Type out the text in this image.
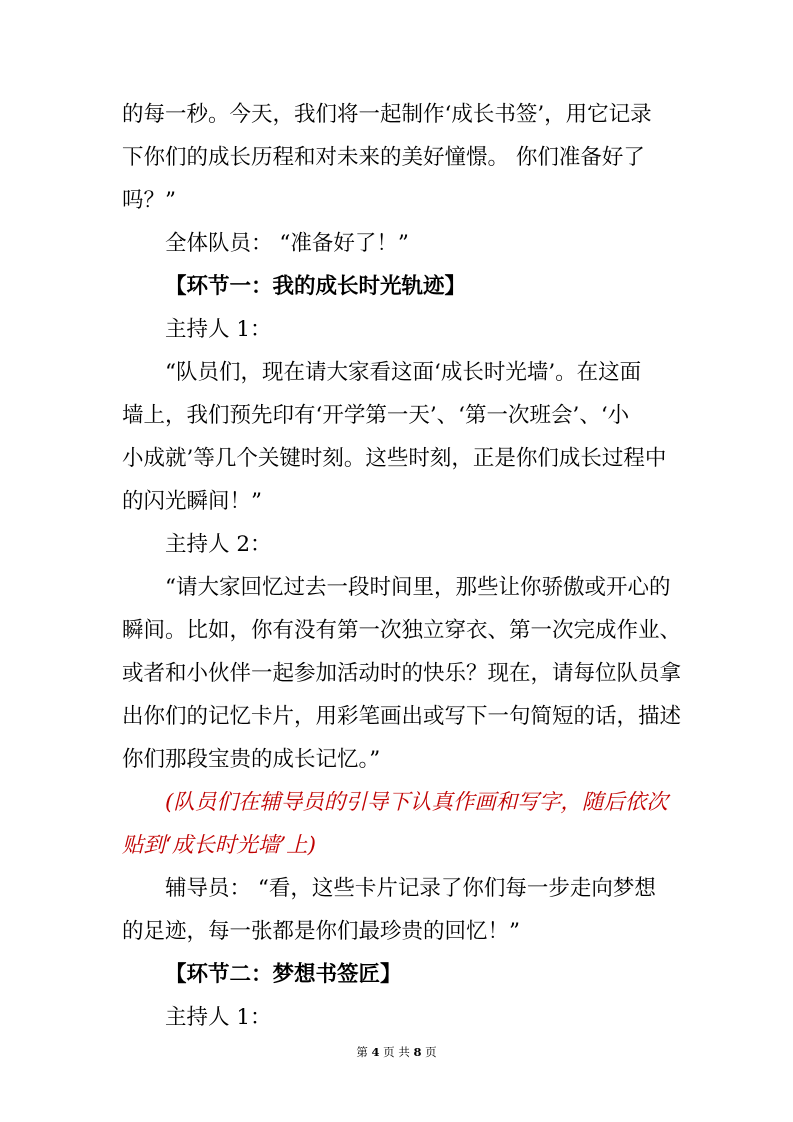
的每一秒。今天，我们将一起制作‘成长书签’，用它记录
下你们的成长历程和对未来的美好憧憬。 你们准备好了
吗？”
全体队员： “准备好了！”
【环节一：我的成长时光轨迹】
主持人 1：
“队员们，现在请大家看这面‘成长时光墙’。在这面
墙上，我们预先印有‘开学第一天’、‘第一次班会’、‘小
小成就’等几个关键时刻。这些时刻，正是你们成长过程中
的闪光瞬间！”
主持人 2：
“请大家回忆过去一段时间里，那些让你骄傲或开心的
瞬间。比如，你有没有第一次独立穿衣、第一次完成作业、
或者和小伙伴一起参加活动时的快乐？现在，请每位队员拿
出你们的记忆卡片，用彩笔画出或写下一句简短的话，描述
你们那段宝贵的成长记忆。”
(队员们在辅导员的引导下认真作画和写字，随后依次
贴到‘成长时光墙’上)
辅导员： “看，这些卡片记录了你们每一步走向梦想
的足迹，每一张都是你们最珍贵的回忆！”
【环节二：梦想书签匠】
主持人 1：
第 4 页 共 8 页
